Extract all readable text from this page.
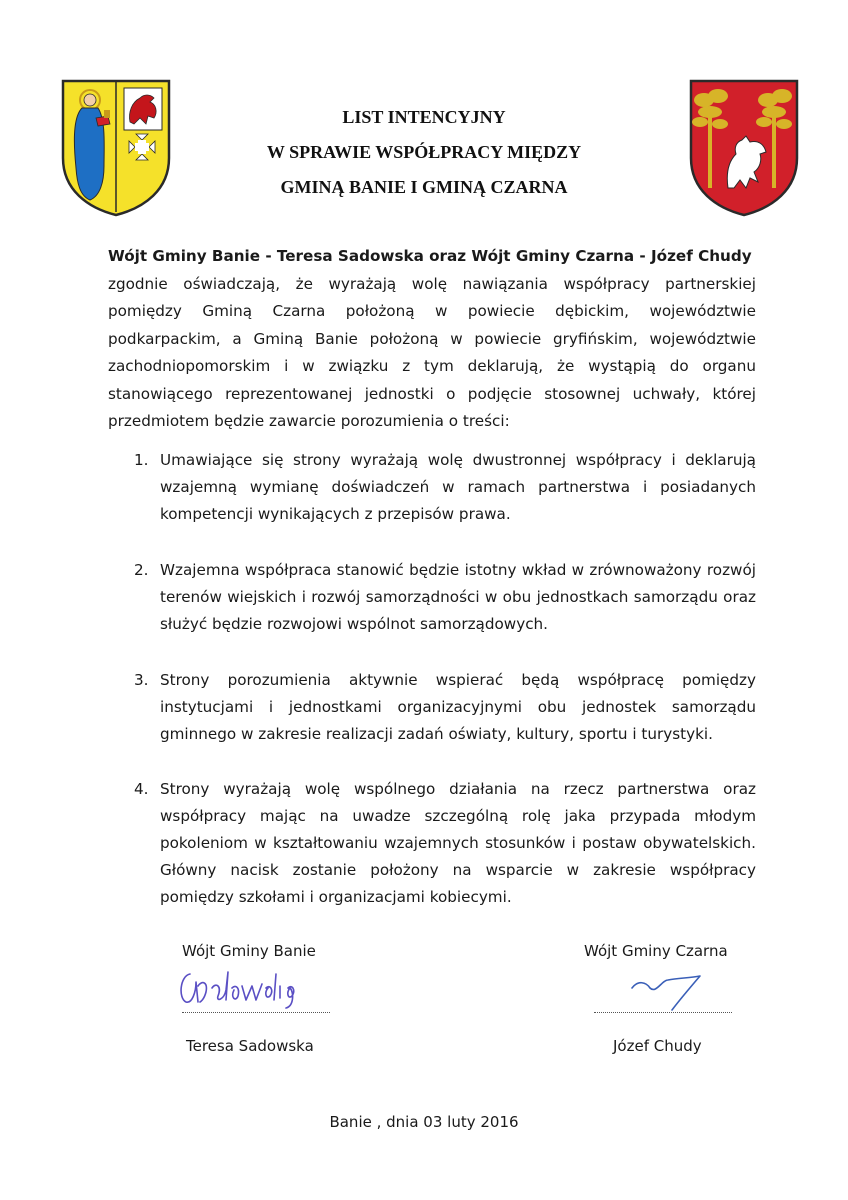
LIST INTENCYJNY
W SPRAWIE WSPÓŁPRACY MIĘDZY
GMINĄ BANIE I GMINĄ CZARNA
Wójt Gminy Banie - Teresa Sadowska oraz Wójt Gminy Czarna - Józef Chudy
zgodnie oświadczają, że wyrażają wolę nawiązania współpracy partnerskiej pomiędzy Gminą Czarna położoną w powiecie dębickim, województwie podkarpackim, a Gminą Banie położoną w powiecie gryfińskim, województwie zachodniopomorskim i w związku z tym deklarują, że wystąpią do organu stanowiącego reprezentowanej jednostki o podjęcie stosownej uchwały, której przedmiotem będzie zawarcie porozumienia o treści:
1. Umawiające się strony wyrażają wolę dwustronnej współpracy i deklarują wzajemną wymianę doświadczeń w ramach partnerstwa i posiadanych kompetencji wynikających z przepisów prawa.
2. Wzajemna współpraca stanowić będzie istotny wkład w zrównoważony rozwój terenów wiejskich i rozwój samorządności w obu jednostkach samorządu oraz służyć będzie rozwojowi wspólnot samorządowych.
3. Strony porozumienia aktywnie wspierać będą współpracę pomiędzy instytucjami i jednostkami organizacyjnymi obu jednostek samorządu gminnego w zakresie realizacji zadań oświaty, kultury, sportu i turystyki.
4. Strony wyrażają wolę wspólnego działania na rzecz partnerstwa oraz współpracy mając na uwadze szczególną rolę jaka przypada młodym pokoleniom w kształtowaniu wzajemnych stosunków i postaw obywatelskich. Główny nacisk zostanie położony na wsparcie w zakresie współpracy pomiędzy szkołami i organizacjami kobiecymi.
Wójt Gminy Banie
Teresa Sadowska
Wójt Gminy Czarna
Józef Chudy
Banie , dnia 03 luty 2016
